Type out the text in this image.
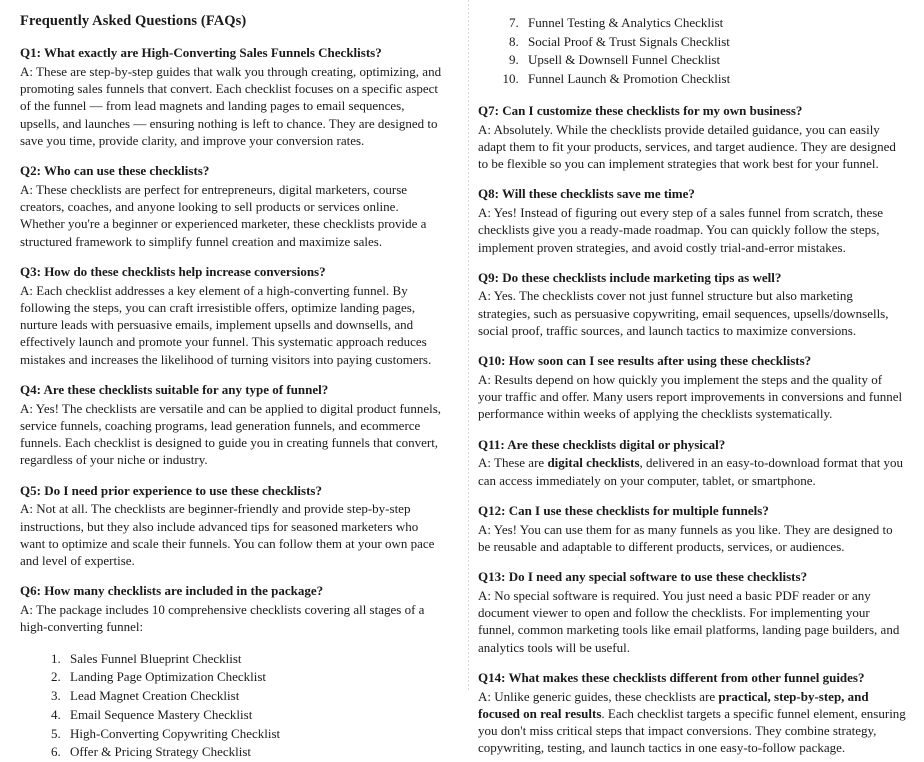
Frequently Asked Questions (FAQs)

Q1: What exactly are High-Converting Sales Funnels Checklists?

A: These are step-by-step guides that walk you through creating, optimizing, and promoting sales funnels that convert. Each checklist focuses on a specific aspect of the funnel — from lead magnets and landing pages to email sequences, upsells, and launches — ensuring nothing is left to chance. They are designed to save you time, provide clarity, and improve your conversion rates.

Q2: Who can use these checklists?

A: These checklists are perfect for entrepreneurs, digital marketers, course creators, coaches, and anyone looking to sell products or services online. Whether you're a beginner or experienced marketer, these checklists provide a structured framework to simplify funnel creation and maximize sales.

Q3: How do these checklists help increase conversions?

A: Each checklist addresses a key element of a high-converting funnel. By following the steps, you can craft irresistible offers, optimize landing pages, nurture leads with persuasive emails, implement upsells and downsells, and effectively launch and promote your funnel. This systematic approach reduces mistakes and increases the likelihood of turning visitors into paying customers.

Q4: Are these checklists suitable for any type of funnel?

A: Yes! The checklists are versatile and can be applied to digital product funnels, service funnels, coaching programs, lead generation funnels, and ecommerce funnels. Each checklist is designed to guide you in creating funnels that convert, regardless of your niche or industry.

Q5: Do I need prior experience to use these checklists?

A: Not at all. The checklists are beginner-friendly and provide step-by-step instructions, but they also include advanced tips for seasoned marketers who want to optimize and scale their funnels. You can follow them at your own pace and level of expertise.

Q6: How many checklists are included in the package?

A: The package includes 10 comprehensive checklists covering all stages of a high-converting funnel:

1. Sales Funnel Blueprint Checklist
2. Landing Page Optimization Checklist
3. Lead Magnet Creation Checklist
4. Email Sequence Mastery Checklist
5. High-Converting Copywriting Checklist
6. Offer & Pricing Strategy Checklist
7. Funnel Testing & Analytics Checklist
8. Social Proof & Trust Signals Checklist
9. Upsell & Downsell Funnel Checklist
10. Funnel Launch & Promotion Checklist

Q7: Can I customize these checklists for my own business?

A: Absolutely. While the checklists provide detailed guidance, you can easily adapt them to fit your products, services, and target audience. They are designed to be flexible so you can implement strategies that work best for your funnel.

Q8: Will these checklists save me time?

A: Yes! Instead of figuring out every step of a sales funnel from scratch, these checklists give you a ready-made roadmap. You can quickly follow the steps, implement proven strategies, and avoid costly trial-and-error mistakes.

Q9: Do these checklists include marketing tips as well?

A: Yes. The checklists cover not just funnel structure but also marketing strategies, such as persuasive copywriting, email sequences, upsells/downsells, social proof, traffic sources, and launch tactics to maximize conversions.

Q10: How soon can I see results after using these checklists?

A: Results depend on how quickly you implement the steps and the quality of your traffic and offer. Many users report improvements in conversions and funnel performance within weeks of applying the checklists systematically.

Q11: Are these checklists digital or physical?

A: These are digital checklists, delivered in an easy-to-download format that you can access immediately on your computer, tablet, or smartphone.

Q12: Can I use these checklists for multiple funnels?

A: Yes! You can use them for as many funnels as you like. They are designed to be reusable and adaptable to different products, services, or audiences.

Q13: Do I need any special software to use these checklists?

A: No special software is required. You just need a basic PDF reader or any document viewer to open and follow the checklists. For implementing your funnel, common marketing tools like email platforms, landing page builders, and analytics tools will be useful.

Q14: What makes these checklists different from other funnel guides?

A: Unlike generic guides, these checklists are practical, step-by-step, and focused on real results. Each checklist targets a specific funnel element, ensuring you don't miss critical steps that impact conversions. They combine strategy, copywriting, testing, and launch tactics in one easy-to-follow package.
